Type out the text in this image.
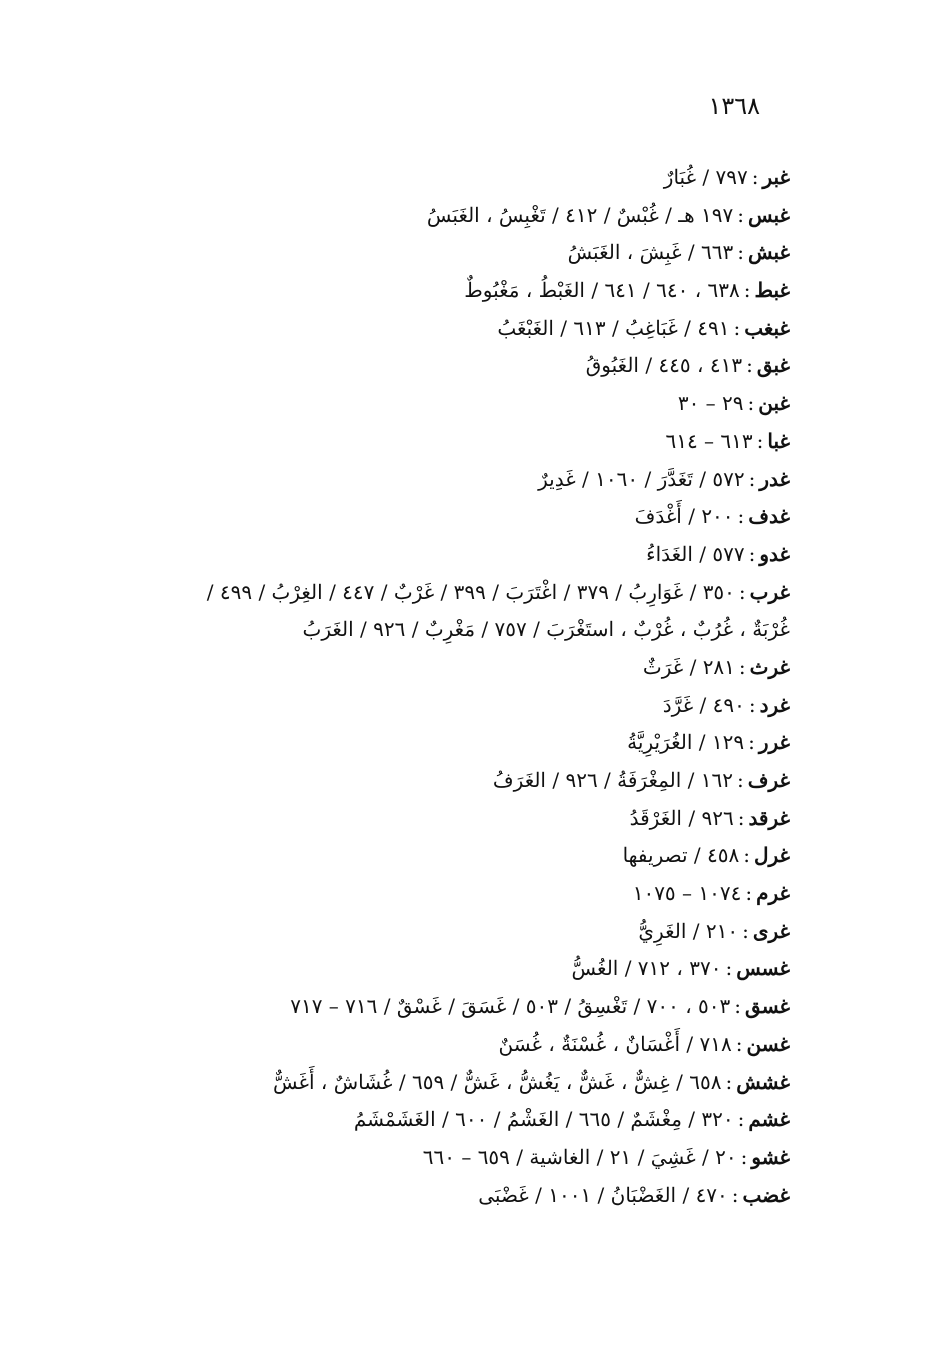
١٣٦٨
غبر:٧٩٧ / غُبَارٌ
غبس:١٩٧ هـ / غُبْسٌ / ٤١٢ / تَغْبِسُ ، الغَبَسُ
غبش:٦٦٣ / غَبِشَ ، الغَبَشُ
غبط:٦٣٨ ، ٦٤٠ / ٦٤١ / الغَبْطُ ، مَغْبُوطٌ
غبغب:٤٩١ / غَبَاغِبُ / ٦١٣ / الغَبْغَبُ
غبق:٤١٣ ، ٤٤٥ / الغَبُوقُ
غبن:٢٩ – ٣٠
غبا:٦١٣ – ٦١٤
غدر:٥٧٢ / تَغَدَّرَ / ١٠٦٠ / غَدِيرٌ
غدف:٢٠٠ / أَغْدَفَ
غدو:٥٧٧ / الغَدَاءُ
غرب:٣٥٠ / غَوَارِبُ / ٣٧٩ / اغْتَرَبَ / ٣٩٩ / غَرْبٌ / ٤٤٧ / الغِرْبُ / ٤٩٩ /
غُرْبَةٌ ، غُرُبٌ ، غُرْبٌ ، استَغْرَبَ / ٧٥٧ / مَغْرِبٌ / ٩٢٦ / الغَرَبُ
غرث:٢٨١ / غَرَثٌ
غرد:٤٩٠ / غَرَّدَ
غرر:١٢٩ / الغُرَيْرِيَّةُ
غرف:١٦٢ / المِغْرَفَةُ / ٩٢٦ / الغَرَفُ
غرقد:٩٢٦ / الغَرْقَدُ
غرل:٤٥٨ / تصريفها
غرم:١٠٧٤ – ١٠٧٥
غرى:٢١٠ / الغَرِيُّ
غسس:٣٧٠ ، ٧١٢ / الغُسُّ
غسق:٥٠٣ ، ٧٠٠ / تَغْسِقُ / ٥٠٣ / غَسَقَ / غَسْقٌ / ٧١٦ – ٧١٧
غسن:٧١٨ / أَغْسَانٌ ، غُسْنَةٌ ، غُسَنٌ
غشش:٦٥٨ / غِشٌّ ، غَشٌّ ، يَغُشُّ ، غَشٌّ / ٦٥٩ / غُشَاشٌ ، أَغَشٌّ
غشم:٣٢٠ / مِغْشَمٌ / ٦٦٥ / الغَشْمُ / ٦٠٠ / الغَشَمْشَمُ
غشو:٢٠ / غَشِيَ / ٢١ / الغاشية / ٦٥٩ – ٦٦٠
غضب:٤٧٠ / الغَضْبَانُ / ١٠٠١ / غَضْبَى
